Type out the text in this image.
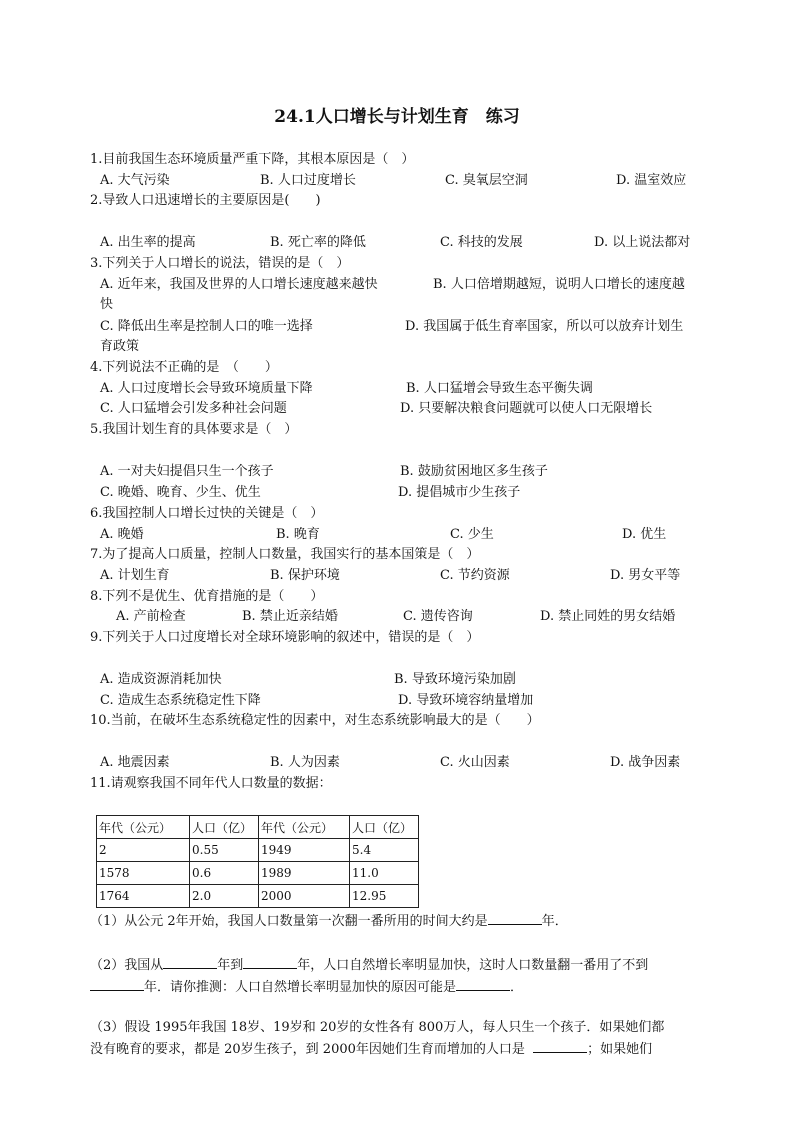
24.1人口增长与计划生育　练习
1.目前我国生态环境质量严重下降，其根本原因是（　）
A. 大气污染	B. 人口过度增长	C. 臭氧层空洞	D. 温室效应
2.导致人口迅速增长的主要原因是(　　)
A. 出生率的提高	B. 死亡率的降低	C. 科技的发展	D. 以上说法都对
3.下列关于人口增长的说法，错误的是（　）
A. 近年来，我国及世界的人口增长速度越来越快	B. 人口倍增期越短，说明人口增长的速度越
快
C. 降低出生率是控制人口的唯一选择	D. 我国属于低生育率国家，所以可以放弃计划生
育政策
4.下列说法不正确的是　（　　）
A. 人口过度增长会导致环境质量下降	B. 人口猛增会导致生态平衡失调
C. 人口猛增会引发多种社会问题	D. 只要解决粮食问题就可以使人口无限增长
5.我国计划生育的具体要求是（　）
A. 一对夫妇提倡只生一个孩子	B. 鼓励贫困地区多生孩子
C. 晚婚、晚育、少生、优生	D. 提倡城市少生孩子
6.我国控制人口增长过快的关键是（　）
A. 晚婚	B. 晚育	C. 少生	D. 优生
7.为了提高人口质量，控制人口数量，我国实行的基本国策是（　）
A. 计划生育	B. 保护环境	C. 节约资源	D. 男女平等
8.下列不是优生、优育措施的是（　　）
A. 产前检查	B. 禁止近亲结婚	C. 遗传咨询	D. 禁止同姓的男女结婚
9.下列关于人口过度增长对全球环境影响的叙述中，错误的是（　）
A. 造成资源消耗加快	B. 导致环境污染加剧
C. 造成生态系统稳定性下降	D. 导致环境容纳量增加
10.当前，在破坏生态系统稳定性的因素中，对生态系统影响最大的是（　　）
A. 地震因素	B. 人为因素	C. 火山因素	D. 战争因素
11.请观察我国不同年代人口数量的数据：
年代（公元）	人口（亿）	年代（公元）	人口（亿）
2	0.55	1949	5.4
1578	0.6	1989	11.0
1764	2.0	2000	12.95
（1）从公元 2年开始，我国人口数量第一次翻一番所用的时间大约是	年．
（2）我国从	年到	年，人口自然增长率明显加快，这时人口数量翻一番用了不到
年．请你推测：人口自然增长率明显加快的原因可能是	．
（3）假设 1995年我国 18岁、19岁和 20岁的女性各有 800万人，每人只生一个孩子．如果她们都
没有晚育的要求，都是 20岁生孩子，到 2000年因她们生育而增加的人口是	；如果她们
